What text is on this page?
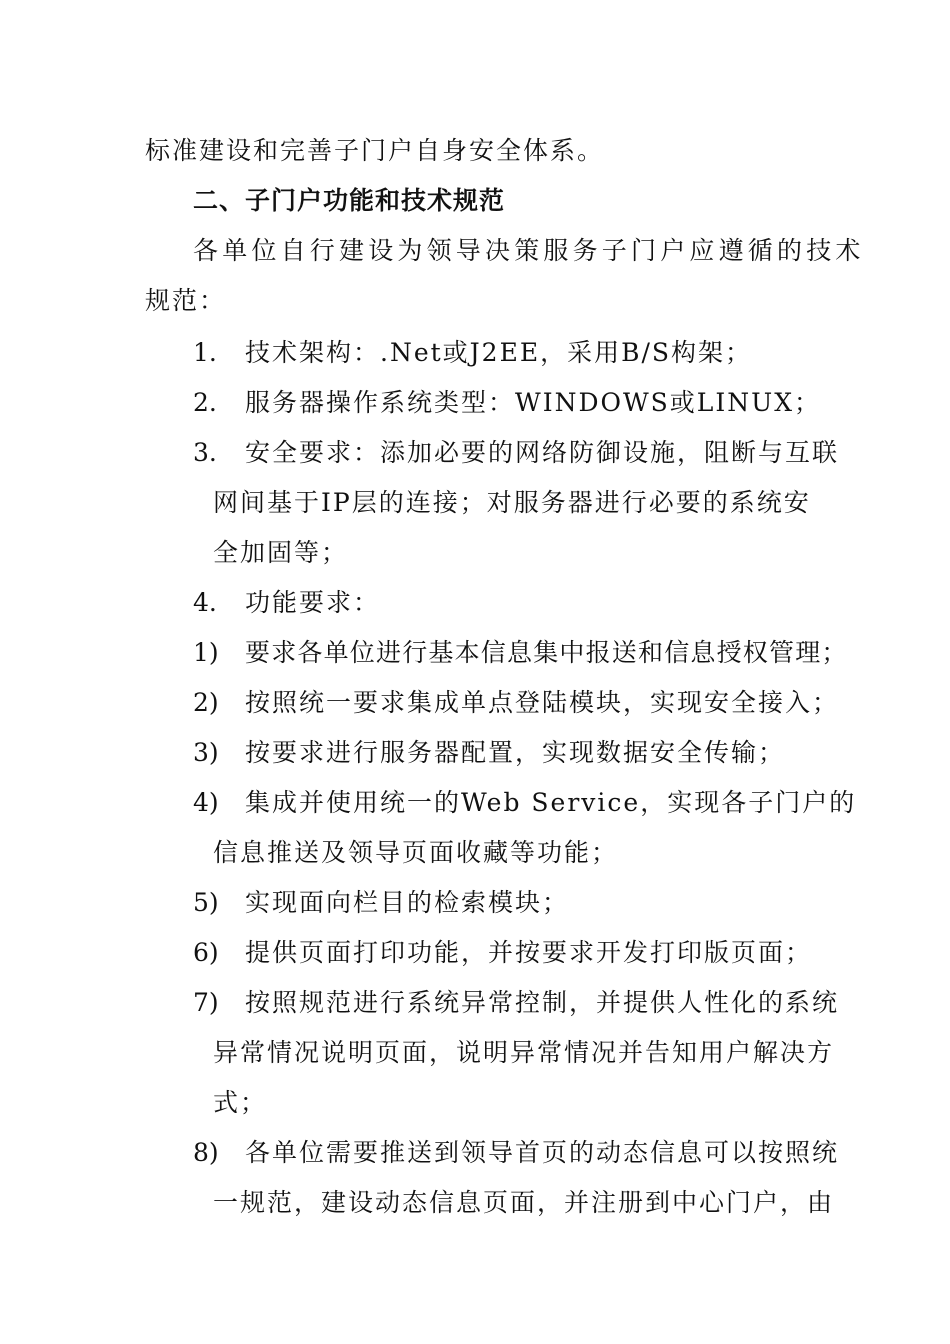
标准建设和完善子门户自身安全体系。
二、子门户功能和技术规范
各单位自行建设为领导决策服务子门户应遵循的技术
规范：
1. 技术架构：.Net或J2EE，采用B/S构架；
2. 服务器操作系统类型：WINDOWS或LINUX；
3. 安全要求：添加必要的网络防御设施，阻断与互联
网间基于IP层的连接；对服务器进行必要的系统安
全加固等；
4. 功能要求：
1) 要求各单位进行基本信息集中报送和信息授权管理；
2) 按照统一要求集成单点登陆模块，实现安全接入；
3) 按要求进行服务器配置，实现数据安全传输；
4) 集成并使用统一的Web Service，实现各子门户的
信息推送及领导页面收藏等功能；
5) 实现面向栏目的检索模块；
6) 提供页面打印功能，并按要求开发打印版页面；
7) 按照规范进行系统异常控制，并提供人性化的系统
异常情况说明页面，说明异常情况并告知用户解决方
式；
8) 各单位需要推送到领导首页的动态信息可以按照统
一规范，建设动态信息页面，并注册到中心门户，由
